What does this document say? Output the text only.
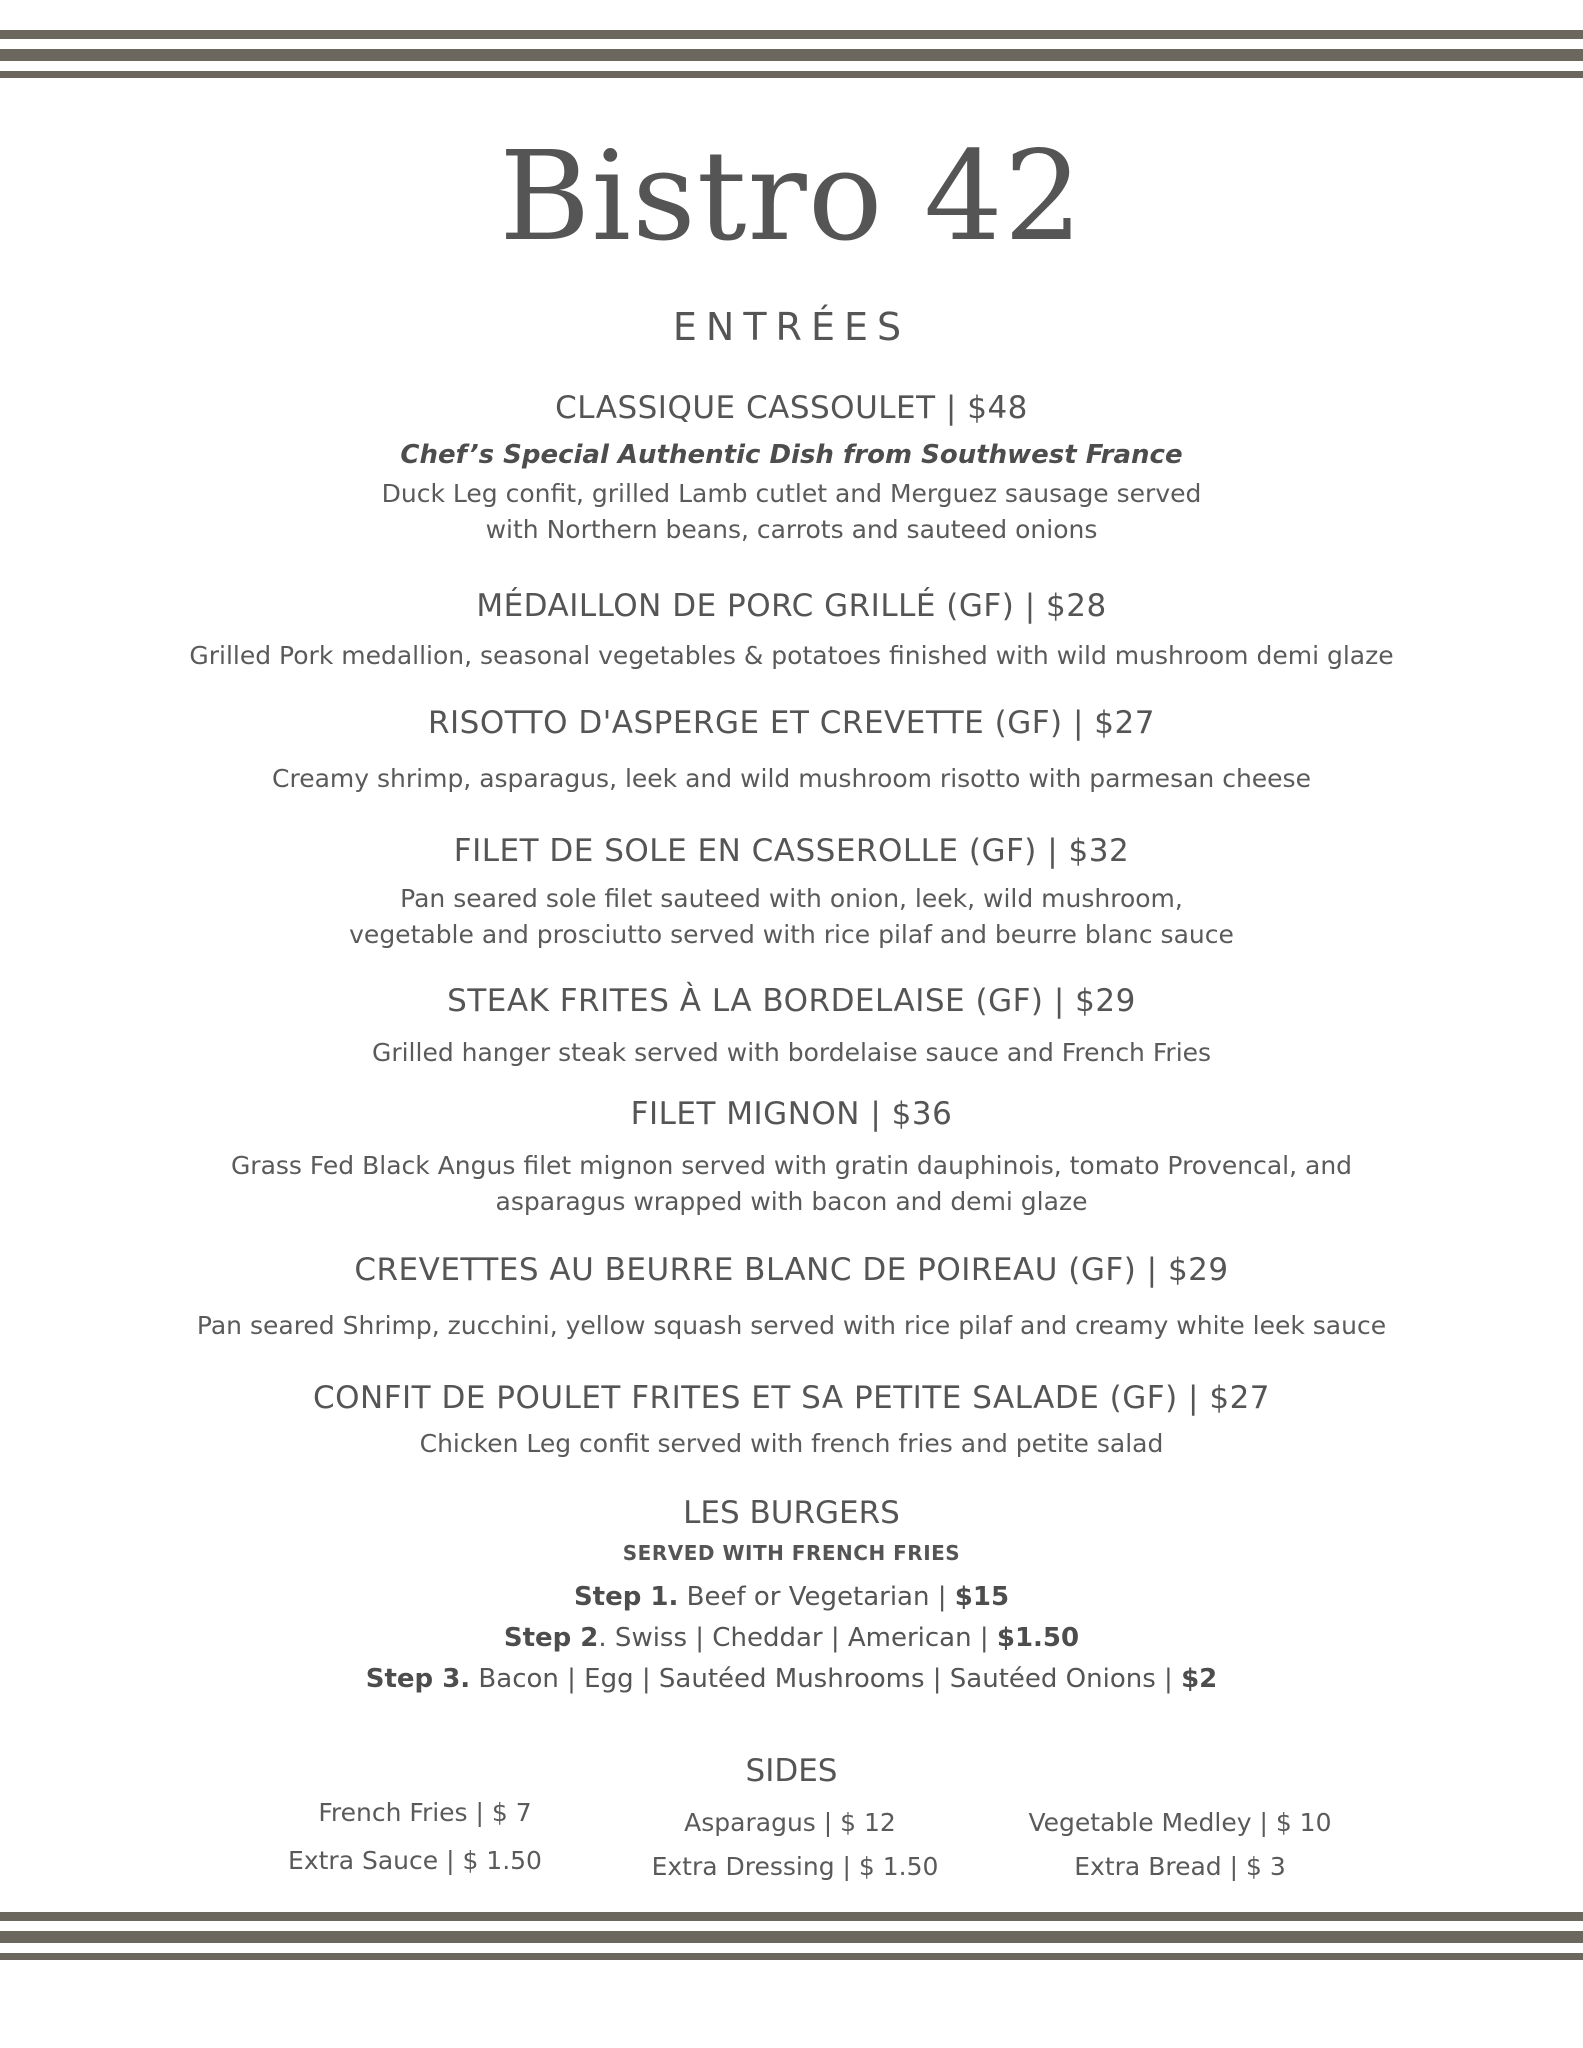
Bistro 42
ENTRÉES
CLASSIQUE CASSOULET | $48
Chef’s Special Authentic Dish from Southwest France
Duck Leg confit, grilled Lamb cutlet and Merguez sausage served
with Northern beans, carrots and sauteed onions
MÉDAILLON DE PORC GRILLÉ (GF) | $28
Grilled Pork medallion, seasonal vegetables & potatoes finished with wild mushroom demi glaze
RISOTTO D'ASPERGE ET CREVETTE (GF) | $27
Creamy shrimp, asparagus, leek and wild mushroom risotto with parmesan cheese
FILET DE SOLE EN CASSEROLLE (GF) | $32
Pan seared sole filet sauteed with onion, leek, wild mushroom,
vegetable and prosciutto served with rice pilaf and beurre blanc sauce
STEAK FRITES À LA BORDELAISE (GF) | $29
Grilled hanger steak served with bordelaise sauce and French Fries
FILET MIGNON | $36
Grass Fed Black Angus filet mignon served with gratin dauphinois, tomato Provencal, and
asparagus wrapped with bacon and demi glaze
CREVETTES AU BEURRE BLANC DE POIREAU (GF) | $29
Pan seared Shrimp, zucchini, yellow squash served with rice pilaf and creamy white leek sauce
CONFIT DE POULET FRITES ET SA PETITE SALADE (GF) | $27
Chicken Leg confit served with french fries and petite salad
LES BURGERS
SERVED WITH FRENCH FRIES
Step 1. Beef or Vegetarian | $15
Step 2. Swiss | Cheddar | American | $1.50
Step 3. Bacon | Egg | Sautéed Mushrooms | Sautéed Onions | $2
SIDES
French Fries | $ 7
Extra Sauce | $ 1.50
Asparagus | $ 12
Extra Dressing | $ 1.50
Vegetable Medley | $ 10
Extra Bread | $ 3
